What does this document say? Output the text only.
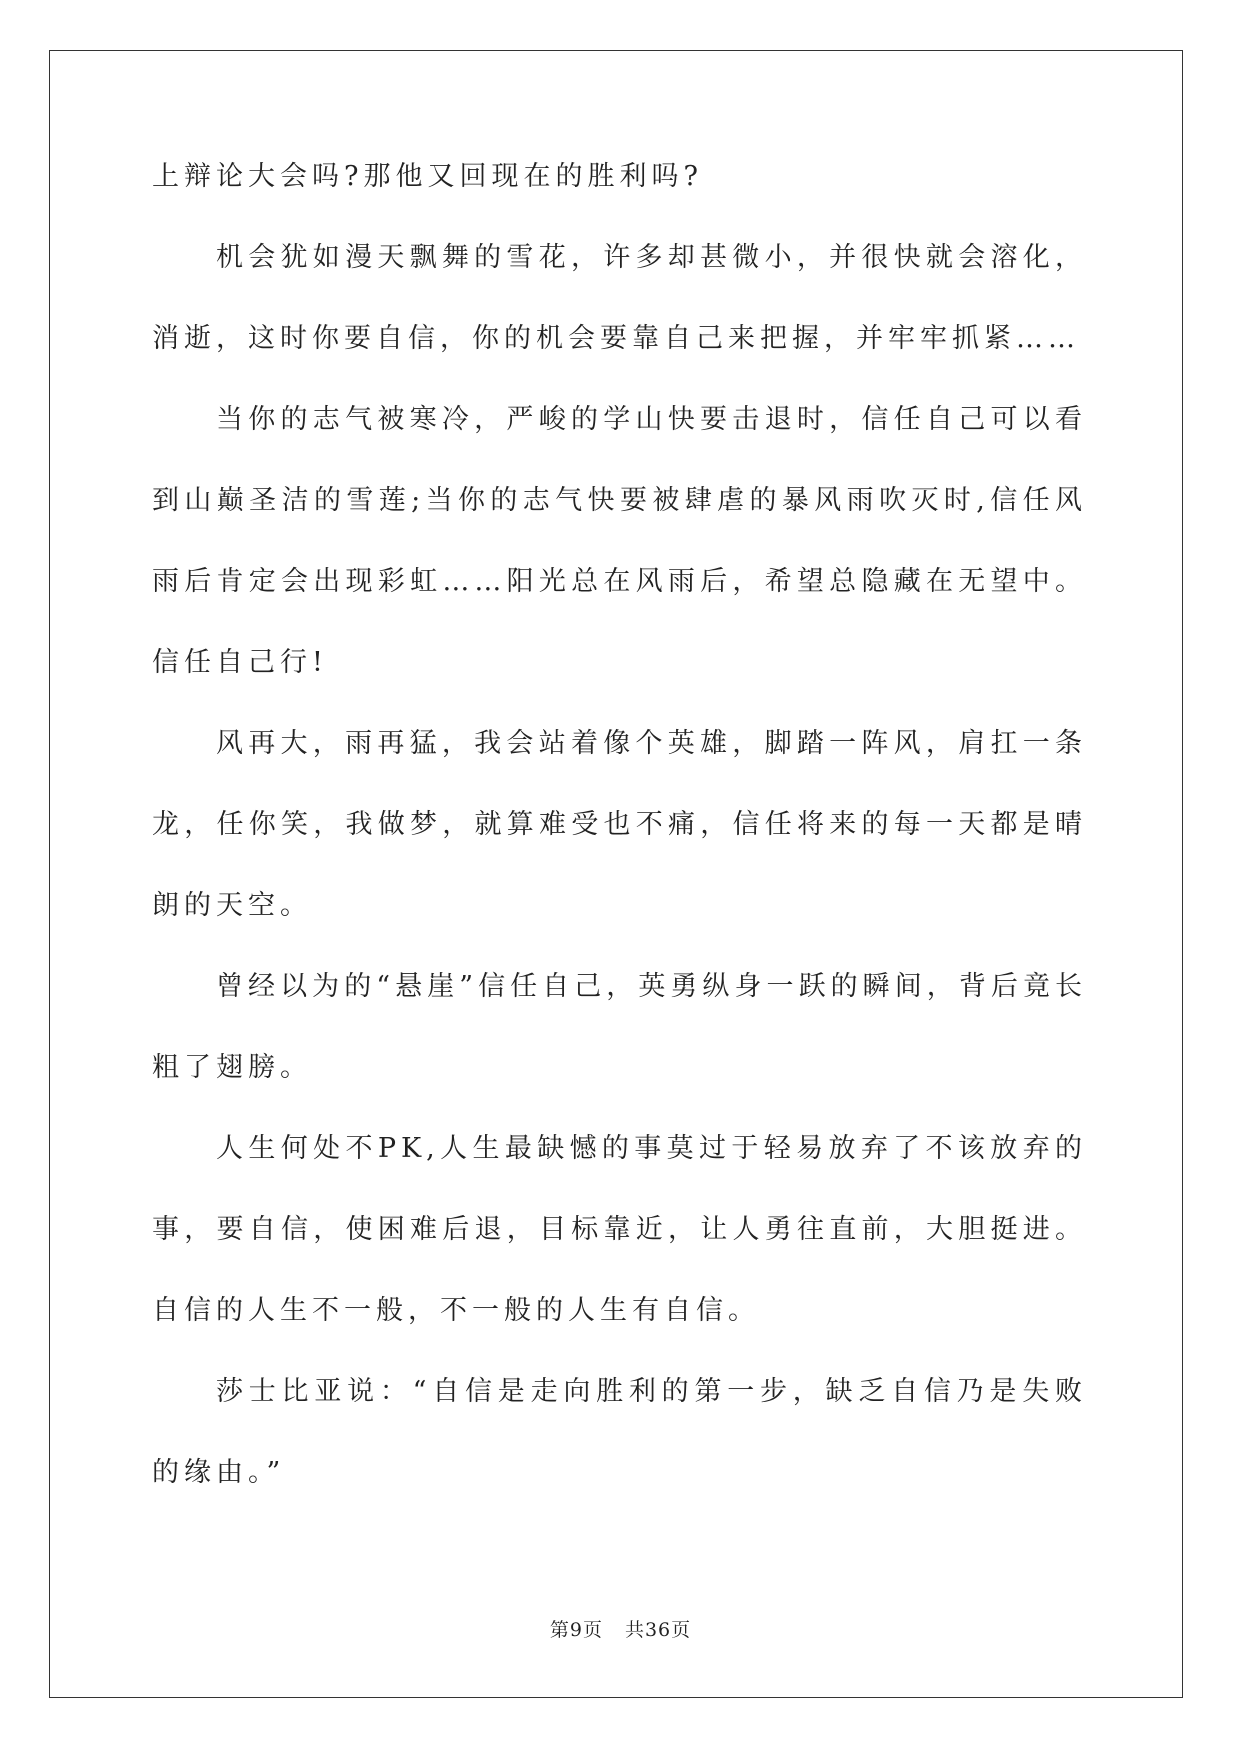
上辩论大会吗?那他又回现在的胜利吗?

机会犹如漫天飘舞的雪花，许多却甚微小，并很快就会溶化，消逝，这时你要自信，你的机会要靠自己来把握，并牢牢抓紧……

当你的志气被寒冷，严峻的学山快要击退时，信任自己可以看到山巅圣洁的雪莲;当你的志气快要被肆虐的暴风雨吹灭时,信任风雨后肯定会出现彩虹……阳光总在风雨后，希望总隐藏在无望中。信任自己行!

风再大，雨再猛，我会站着像个英雄，脚踏一阵风，肩扛一条龙，任你笑，我做梦，就算难受也不痛，信任将来的每一天都是晴朗的天空。

曾经以为的“悬崖”信任自己，英勇纵身一跃的瞬间，背后竟长粗了翅膀。

人生何处不PK,人生最缺憾的事莫过于轻易放弃了不该放弃的事，要自信，使困难后退，目标靠近，让人勇往直前，大胆挺进。自信的人生不一般，不一般的人生有自信。

莎士比亚说：“自信是走向胜利的第一步，缺乏自信乃是失败的缘由。”

第9页 共36页
